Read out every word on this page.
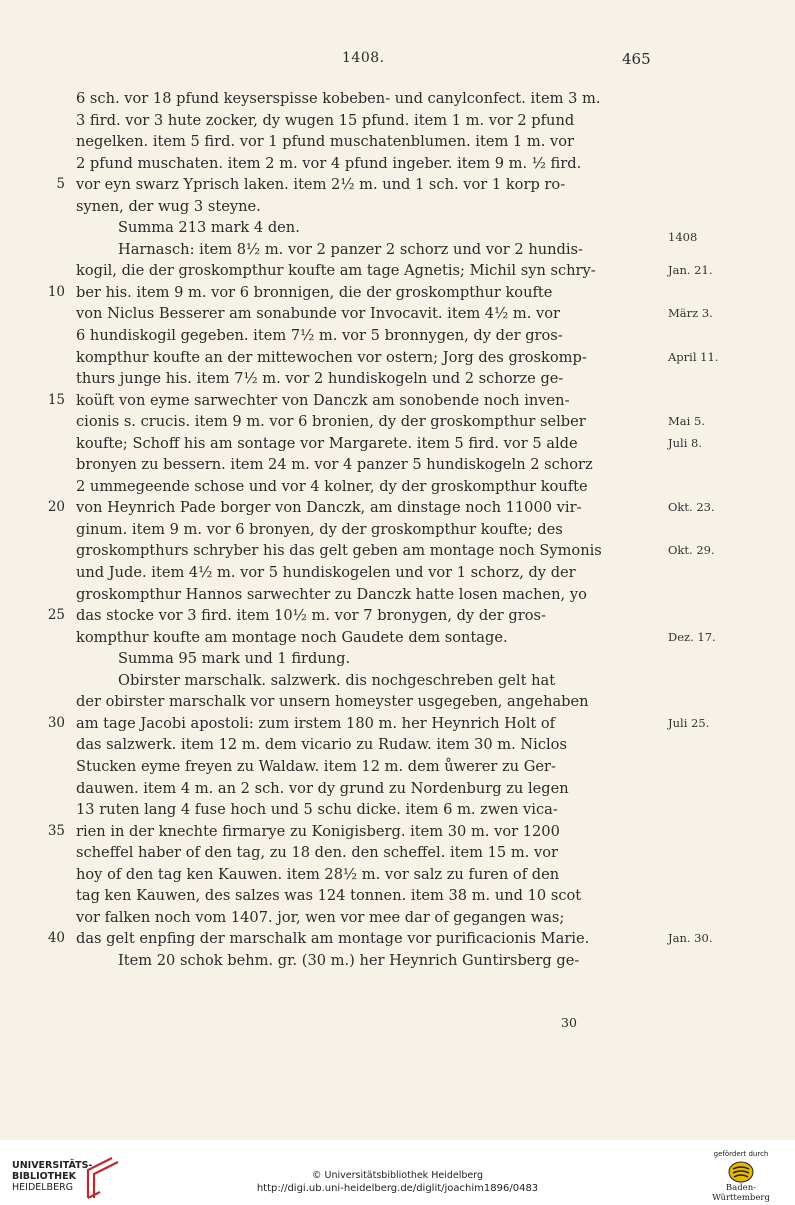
1408.	465
6 sch. vor 18 pfund keyserspisse kobeben- und canylconfect. item 3 m.
3 fird. vor 3 hute zocker, dy wugen 15 pfund. item 1 m. vor 2 pfund
negelken. item 5 fird. vor 1 pfund muschatenblumen. item 1 m. vor
2 pfund muschaten. item 2 m. vor 4 pfund ingeber. item 9 m. ½ fird.
5 vor eyn swarz Yprisch laken. item 2½ m. und 1 sch. vor 1 korp ro-
synen, der wug 3 steyne.
Summa 213 mark 4 den.
Harnasch: item 8½ m. vor 2 panzer 2 schorz und vor 2 hundis-
1408
kogil, die der groskompthur koufte am tage Agnetis; Michil syn schry-	Jan. 21.
10 ber his. item 9 m. vor 6 bronnigen, die der groskompthur koufte
von Niclus Besserer am sonabunde vor Invocavit. item 4½ m. vor	März 3.
6 hundiskogil gegeben. item 7½ m. vor 5 bronnygen, dy der gros-
kompthur koufte an der mittewochen vor ostern; Jorg des groskomp-	April 11.
thurs junge his. item 7½ m. vor 2 hundiskogeln und 2 schorze ge-
15 koüft von eyme sarwechter von Danczk am sonobende noch inven-
cionis s. crucis. item 9 m. vor 6 bronien, dy der groskompthur selber	Mai 5.
koufte; Schoff his am sontage vor Margarete. item 5 fird. vor 5 alde	Juli 8.
bronyen zu bessern. item 24 m. vor 4 panzer 5 hundiskogeln 2 schorz
2 ummegeende schose und vor 4 kolner, dy der groskompthur koufte
20 von Heynrich Pade borger von Danczk, am dinstage noch 11000 vir-	Okt. 23.
ginum. item 9 m. vor 6 bronyen, dy der groskompthur koufte; des
groskompthurs schryber his das gelt geben am montage noch Symonis	Okt. 29.
und Jude. item 4½ m. vor 5 hundiskogelen und vor 1 schorz, dy der
groskompthur Hannos sarwechter zu Danczk hatte losen machen, yo
25 das stocke vor 3 fird. item 10½ m. vor 7 bronygen, dy der gros-
kompthur koufte am montage noch Gaudete dem sontage.	Dez. 17.
Summa 95 mark und 1 firdung.
Obirster marschalk. salzwerk. dis nochgeschreben gelt hat
der obirster marschalk vor unsern homeyster usgegeben, angehaben
30 am tage Jacobi apostoli: zum irstem 180 m. her Heynrich Holt of	Juli 25.
das salzwerk. item 12 m. dem vicario zu Rudaw. item 30 m. Niclos
Stucken eyme freyen zu Waldaw. item 12 m. dem ůwerer zu Ger-
dauwen. item 4 m. an 2 sch. vor dy grund zu Nordenburg zu legen
13 ruten lang 4 fuse hoch und 5 schu dicke. item 6 m. zwen vica-
35 rien in der knechte firmarye zu Konigisberg. item 30 m. vor 1200
scheffel haber of den tag, zu 18 den. den scheffel. item 15 m. vor
hoy of den tag ken Kauwen. item 28½ m. vor salz zu furen of den
tag ken Kauwen, des salzes was 124 tonnen. item 38 m. und 10 scot
vor falken noch vom 1407. jor, wen vor mee dar of gegangen was;
40 das gelt enpfing der marschalk am montage vor purificacionis Marie.	Jan. 30.
Item 20 schok behm. gr. (30 m.) her Heynrich Guntirsberg ge-
30
UNIVERSITÄTS-
BIBLIOTHEK
HEIDELBERG
© Universitätsbibliothek Heidelberg
http://digi.ub.uni-heidelberg.de/diglit/joachim1896/0483
gefördert durch
Baden-Württemberg
